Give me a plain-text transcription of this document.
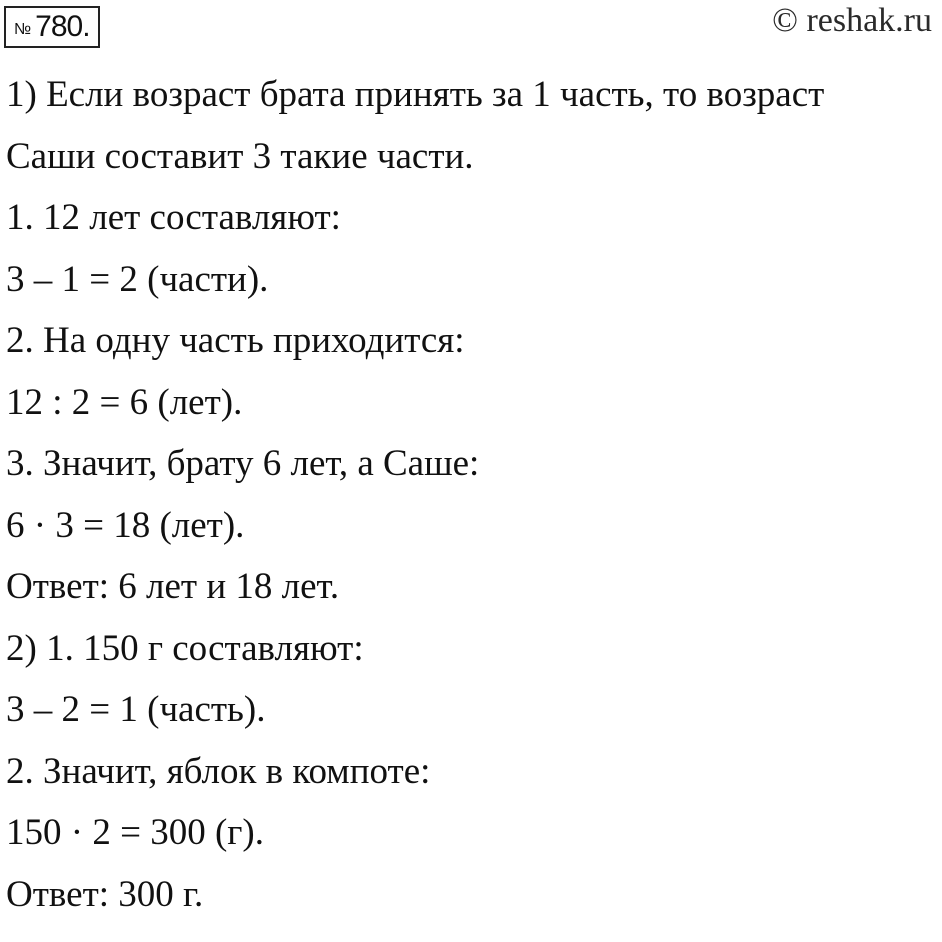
№ 780.	© reshak.ru
1) Если возраст брата принять за 1 часть, то возраст
Саши составит 3 такие части.
1. 12 лет составляют:
3 – 1 = 2 (части).
2. На одну часть приходится:
12 : 2 = 6 (лет).
3. Значит, брату 6 лет, а Саше:
6 · 3 = 18 (лет).
Ответ: 6 лет и 18 лет.
2) 1. 150 г составляют:
3 – 2 = 1 (часть).
2. Значит, яблок в компоте:
150 · 2 = 300 (г).
Ответ: 300 г.
